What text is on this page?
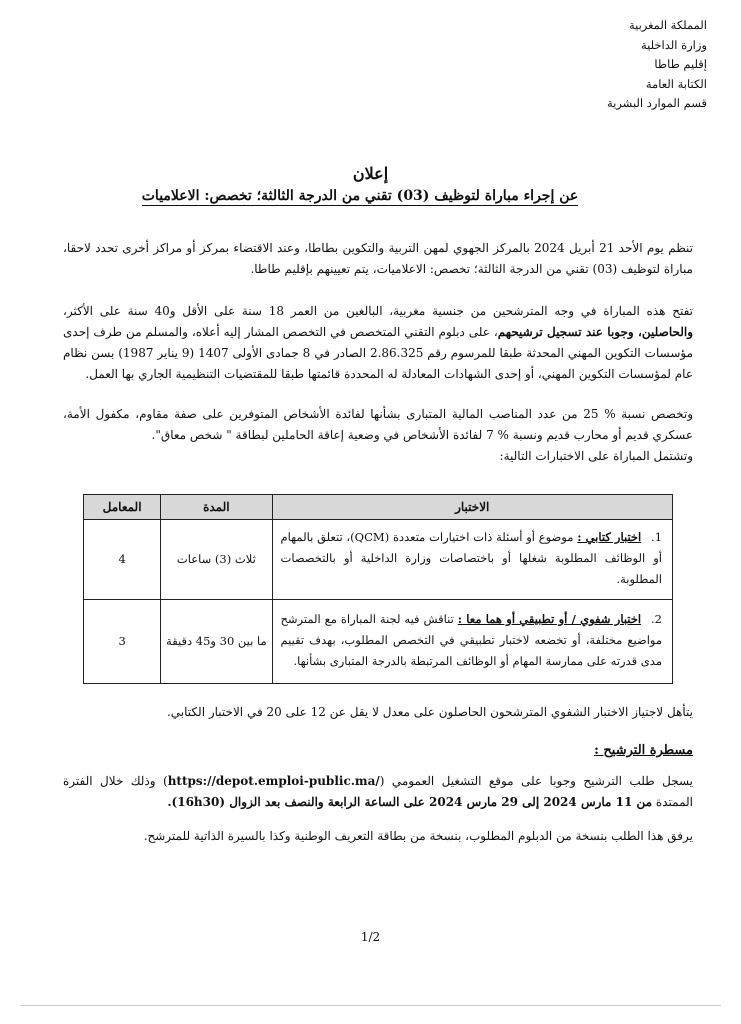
المملكة المغربية
وزارة الداخلية
إقليم طاطا
الكتابة العامة
قسم الموارد البشرية
إعلان
عن إجراء مباراة لتوظيف (03) تقني من الدرجة الثالثة؛ تخصص: الاعلاميات
تنظم يوم الأحد 21 أبريل 2024 بالمركز الجهوي لمهن التربية والتكوين بطاطا، وعند الاقتضاء بمركز أو مراكز أخرى تحدد لاحقا، مباراة لتوظيف (03) تقني من الدرجة الثالثة؛ تخصص: الاعلاميات، يتم تعيينهم بإقليم طاطا.
تفتح هذه المباراة في وجه المترشحين من جنسية مغربية، البالغين من العمر 18 سنة على الأقل و40 سنة على الأكثر، والحاصلين، وجوبا عند تسجيل ترشيحهم، على دبلوم التقني المتخصص في التخصص المشار إليه أعلاه، والمسلم من طرف إحدى مؤسسات التكوين المهني المحدثة طبقا للمرسوم رقم 2.86.325 الصادر في 8 جمادى الأولى 1407 (9 يناير 1987) بسن نظام عام لمؤسسات التكوين المهني، أو إحدى الشهادات المعادلة له المحددة قائمتها طبقا للمقتضيات التنظيمية الجاري بها العمل.
وتخصص نسبة % 25 من عدد المناصب المالية المتبارى بشأنها لفائدة الأشخاص المتوفرين على صفة مقاوم، مكفول الأمة، عسكري قديم أو محارب قديم ونسبة % 7 لفائدة الأشخاص في وضعية إعاقة الحاملين لبطاقة " شخص معاق".
وتشتمل المباراة على الاختبارات التالية:
الاختبار	المدة	المعامل
1. اختبار كتابي : موضوع أو أسئلة ذات اختيارات متعددة (QCM)، تتعلق بالمهام أو الوظائف المطلوبة شغلها أو باختصاصات وزارة الداخلية أو بالتخصصات المطلوبة.	ثلاث (3) ساعات	4
2. اختبار شفوي / أو تطبيقي أو هما معا : تناقش فيه لجنة المباراة مع المترشح مواضيع مختلفة، أو تخضعه لاختبار تطبيقي في التخصص المطلوب، بهدف تقييم مدى قدرته على ممارسة المهام أو الوظائف المرتبطة بالدرجة المتبارى بشأنها.	ما بين 30 و45 دقيقة	3
يتأهل لاجتياز الاختبار الشفوي المترشحون الحاصلون على معدل لا يقل عن 12 على 20 في الاختبار الكتابي.
مسطرة الترشيح :
يسجل طلب الترشيح وجوبا على موقع التشغيل العمومي (https://depot.emploi-public.ma/) وذلك خلال الفترة الممتدة من 11 مارس 2024 إلى 29 مارس 2024 على الساعة الرابعة والنصف بعد الزوال (16h30).
يرفق هذا الطلب بنسخة من الدبلوم المطلوب، بنسخة من بطاقة التعريف الوطنية وكذا بالسيرة الذاتية للمترشح.
1/2
